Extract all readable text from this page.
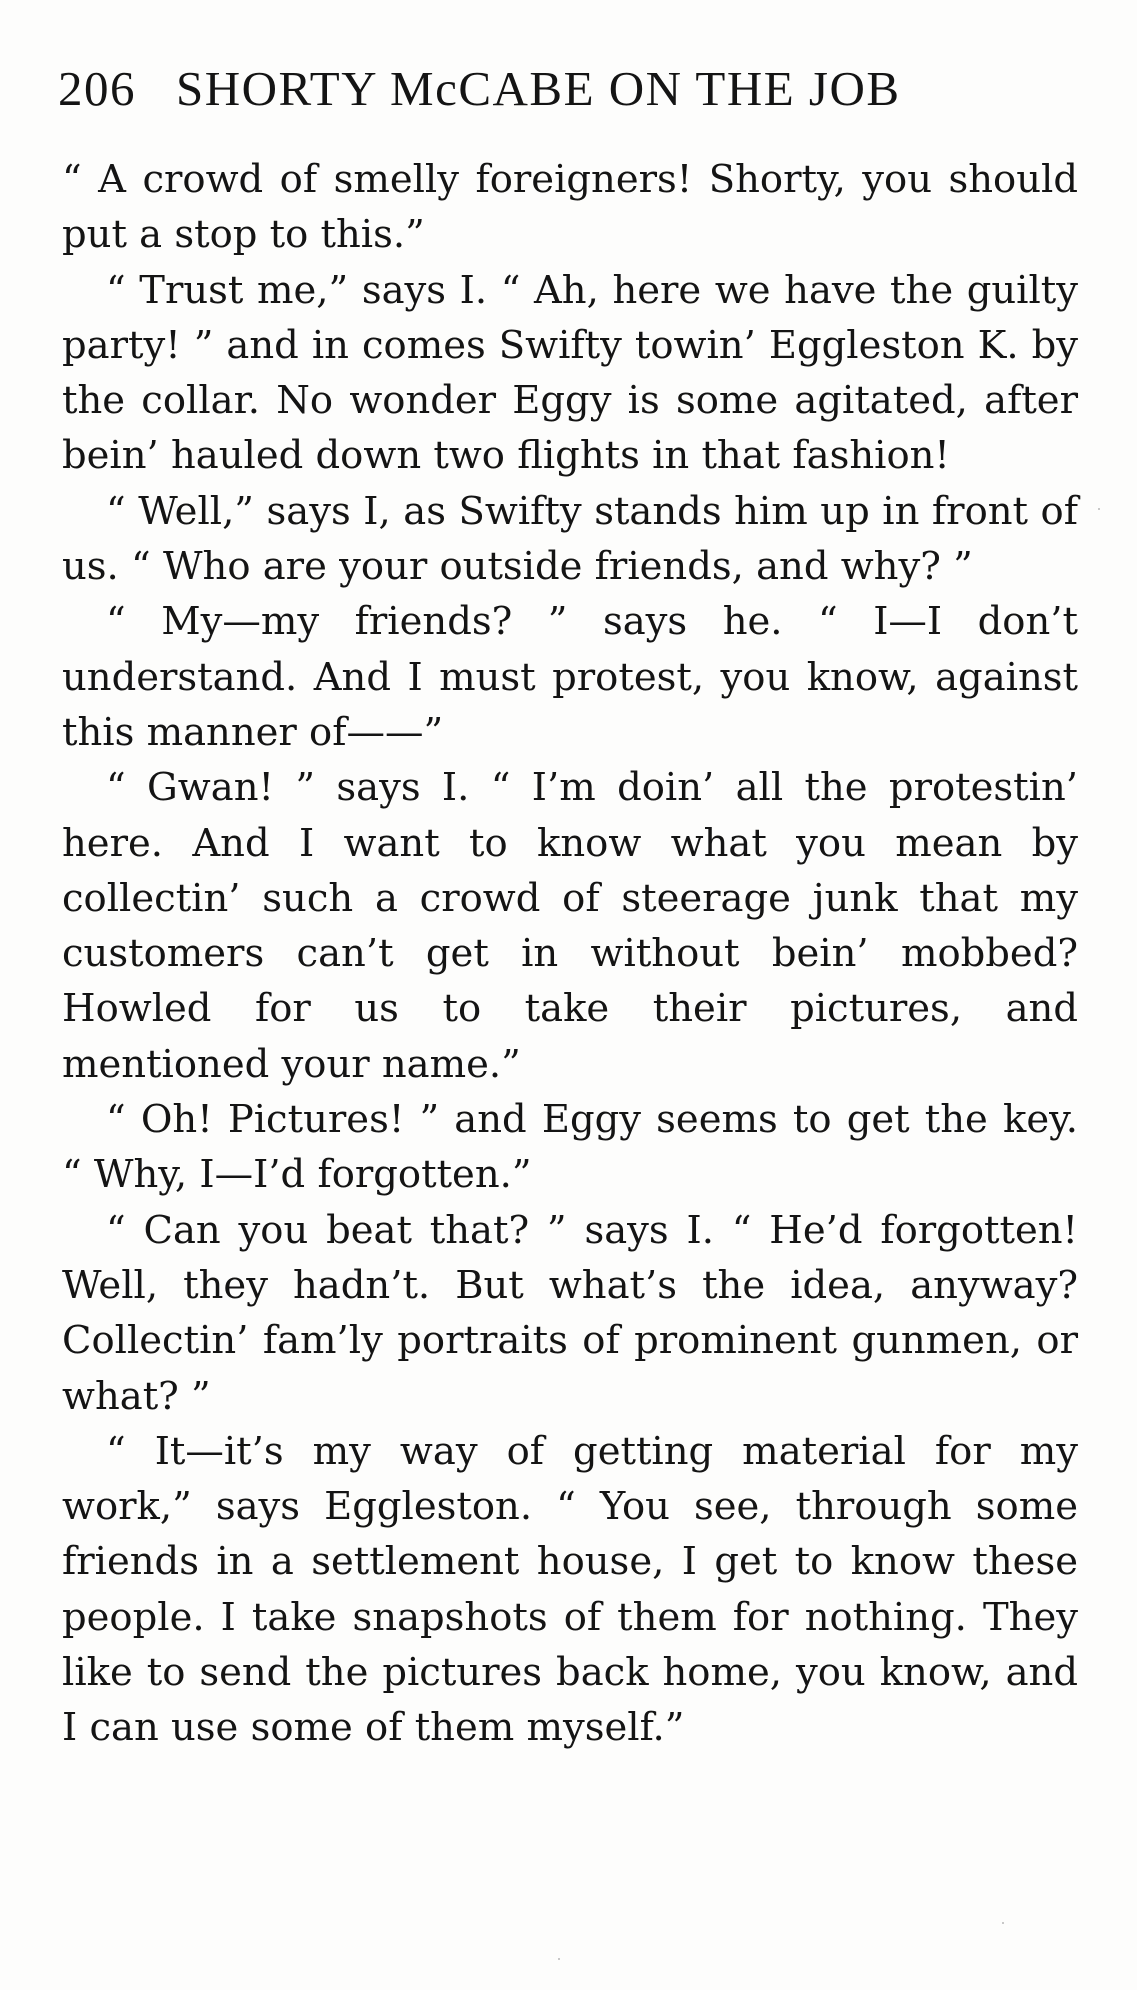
206 SHORTY McCABE ON THE JOB

“ A crowd of smelly foreigners! Shorty, you should put a stop to this.”

“ Trust me,” says I. “ Ah, here we have the guilty party! ” and in comes Swifty towin’ Eggleston K. by the collar. No wonder Eggy is some agitated, after bein’ hauled down two flights in that fashion!

“ Well,” says I, as Swifty stands him up in front of us. “ Who are your outside friends, and why? ”

“ My—my friends? ” says he. “ I—I don’t understand. And I must protest, you know, against this manner of——”

“ Gwan! ” says I. “ I’m doin’ all the protestin’ here. And I want to know what you mean by collectin’ such a crowd of steerage junk that my customers can’t get in without bein’ mobbed? Howled for us to take their pictures, and mentioned your name.”

“ Oh! Pictures! ” and Eggy seems to get the key. “ Why, I—I’d forgotten.”

“ Can you beat that? ” says I. “ He’d forgotten! Well, they hadn’t. But what’s the idea, anyway? Collectin’ fam’ly portraits of prominent gunmen, or what? ”

“ It—it’s my way of getting material for my work,” says Eggleston. “ You see, through some friends in a settlement house, I get to know these people. I take snapshots of them for nothing. They like to send the pictures back home, you know, and I can use some of them myself.”
